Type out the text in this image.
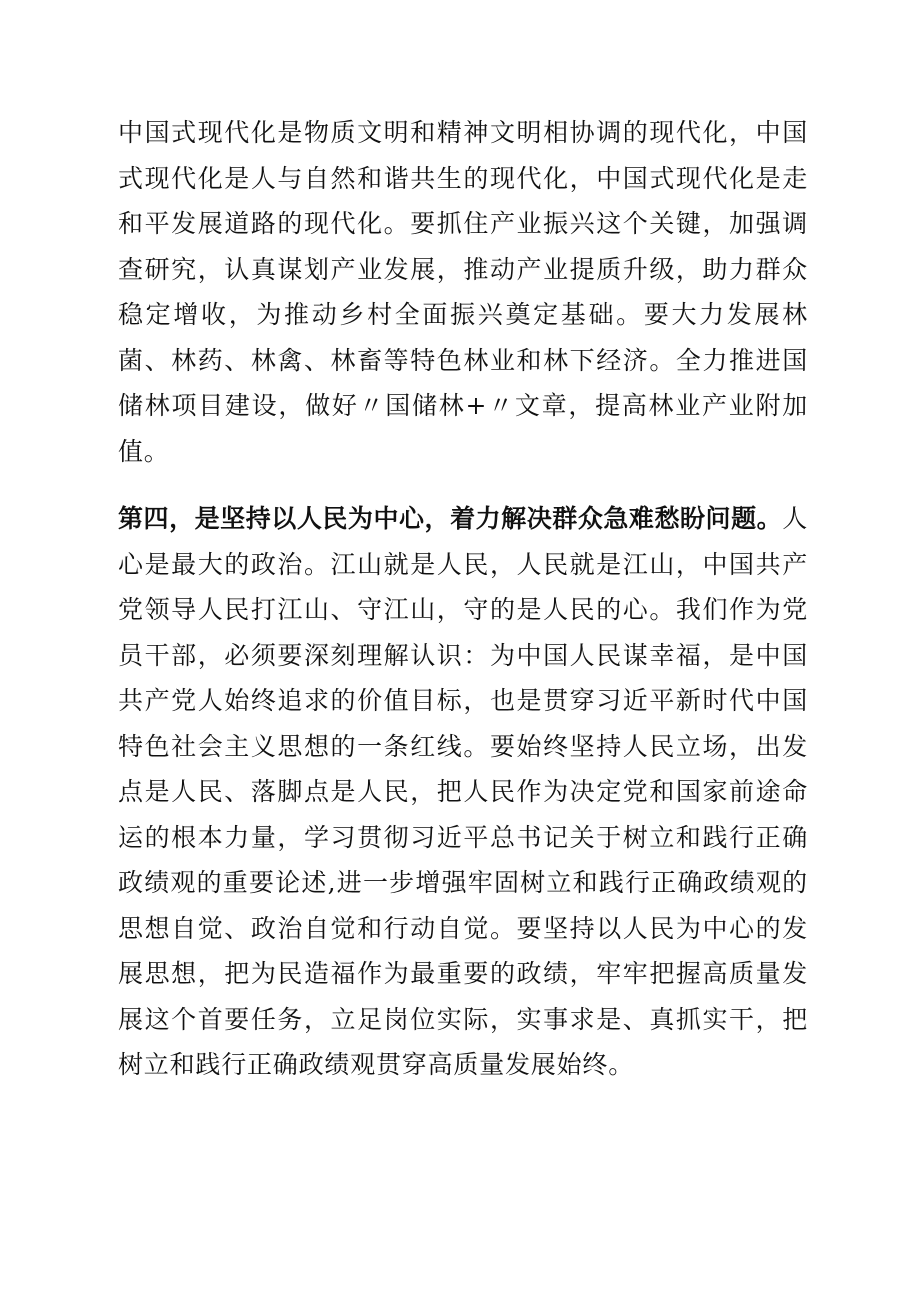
中国式现代化是物质文明和精神文明相协调的现代化，中国式现代化是人与自然和谐共生的现代化，中国式现代化是走和平发展道路的现代化。要抓住产业振兴这个关键，加强调查研究，认真谋划产业发展，推动产业提质升级，助力群众稳定增收，为推动乡村全面振兴奠定基础。要大力发展林菌、林药、林禽、林畜等特色林业和林下经济。全力推进国储林项目建设，做好〃国储林+〃文章，提高林业产业附加值。

第四，是坚持以人民为中心，着力解决群众急难愁盼问题。人心是最大的政治。江山就是人民，人民就是江山，中国共产党领导人民打江山、守江山，守的是人民的心。我们作为党员干部，必须要深刻理解认识：为中国人民谋幸福，是中国共产党人始终追求的价值目标，也是贯穿习近平新时代中国特色社会主义思想的一条红线。要始终坚持人民立场，出发点是人民、落脚点是人民，把人民作为决定党和国家前途命运的根本力量，学习贯彻习近平总书记关于树立和践行正确政绩观的重要论述,进一步增强牢固树立和践行正确政绩观的思想自觉、政治自觉和行动自觉。要坚持以人民为中心的发展思想，把为民造福作为最重要的政绩，牢牢把握高质量发展这个首要任务，立足岗位实际，实事求是、真抓实干，把树立和践行正确政绩观贯穿高质量发展始终。
